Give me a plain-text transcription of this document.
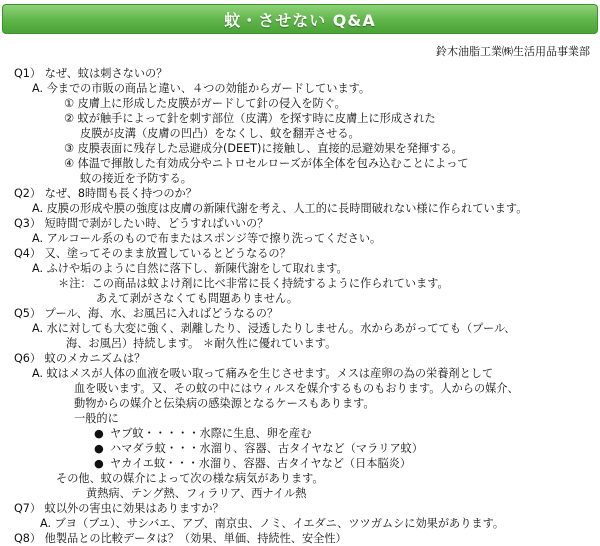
蚊・させない Q&A
鈴木油脂工業㈱生活用品事業部
Q1） なぜ、蚊は刺さないの？
A. 今までの市販の商品と違い、４つの効能からガードしています。
① 皮膚上に形成した皮膜がガードして針の侵入を防ぐ。
② 蚊が触手によって針を刺す部位（皮溝）を探す時に皮膚上に形成された
皮膜が皮溝（皮膚の凹凸）をなくし、蚊を翻弄させる。
③ 皮膜表面に残存した忌避成分(DEET)に接触し、直接的忌避効果を発揮する。
④ 体温で揮散した有効成分やニトロセルローズが体全体を包み込むことによって
蚊の接近を予防する。
Q2） なぜ、8時間も長く持つのか？
A. 皮膜の形成や膜の強度は皮膚の新陳代謝を考え、人工的に長時間破れない様に作られています。
Q3） 短時間で剥がしたい時、どうすればいいの？
A. アルコール系のもので布またはスポンジ等で擦り洗ってください。
Q4） 又、塗ってそのまま放置しているとどうなるの？
A. ふけや垢のように自然に落下し、新陳代謝をして取れます。
＊注：この商品は蚊よけ剤に比べ非常に長く持続するように作られています。
あえて剥がさなくても問題ありません。
Q5） プール、海、水、お風呂に入ればどうなるの？
A. 水に対しても大変に強く、剥離したり、浸透したりしません。水からあがってても（プール、
海、お風呂）持続します。 ＊耐久性に優れています。
Q6） 蚊のメカニズムは？
A. 蚊はメスが人体の血液を吸い取って痛みを生じさせます。メスは産卵の為の栄養剤として
血を吸います。又、その蚊の中にはウィルスを媒介するものもおります。人からの媒介、
動物からの媒介と伝染病の感染源となるケースもあります。
一般的に
● ヤブ蚊・・・・・水際に生息、卵を産む
● ハマダラ蚊・・・水溜り、容器、古タイヤなど（マラリア蚊）
● ヤカイエ蚊・・・水溜り、容器、古タイヤなど（日本脳炎）
その他、蚊の媒介によって次の様な病気があります。
黄熱病、テング熱、フィラリア、西ナイル熱
Q7） 蚊以外の害虫に効果はありますか？
A. ブヨ（ブユ）、サシバエ、アブ、南京虫、ノミ、イエダニ、ツツガムシに効果があります。
Q8） 他製品との比較データは？（効果、単価、持続性、安全性）
